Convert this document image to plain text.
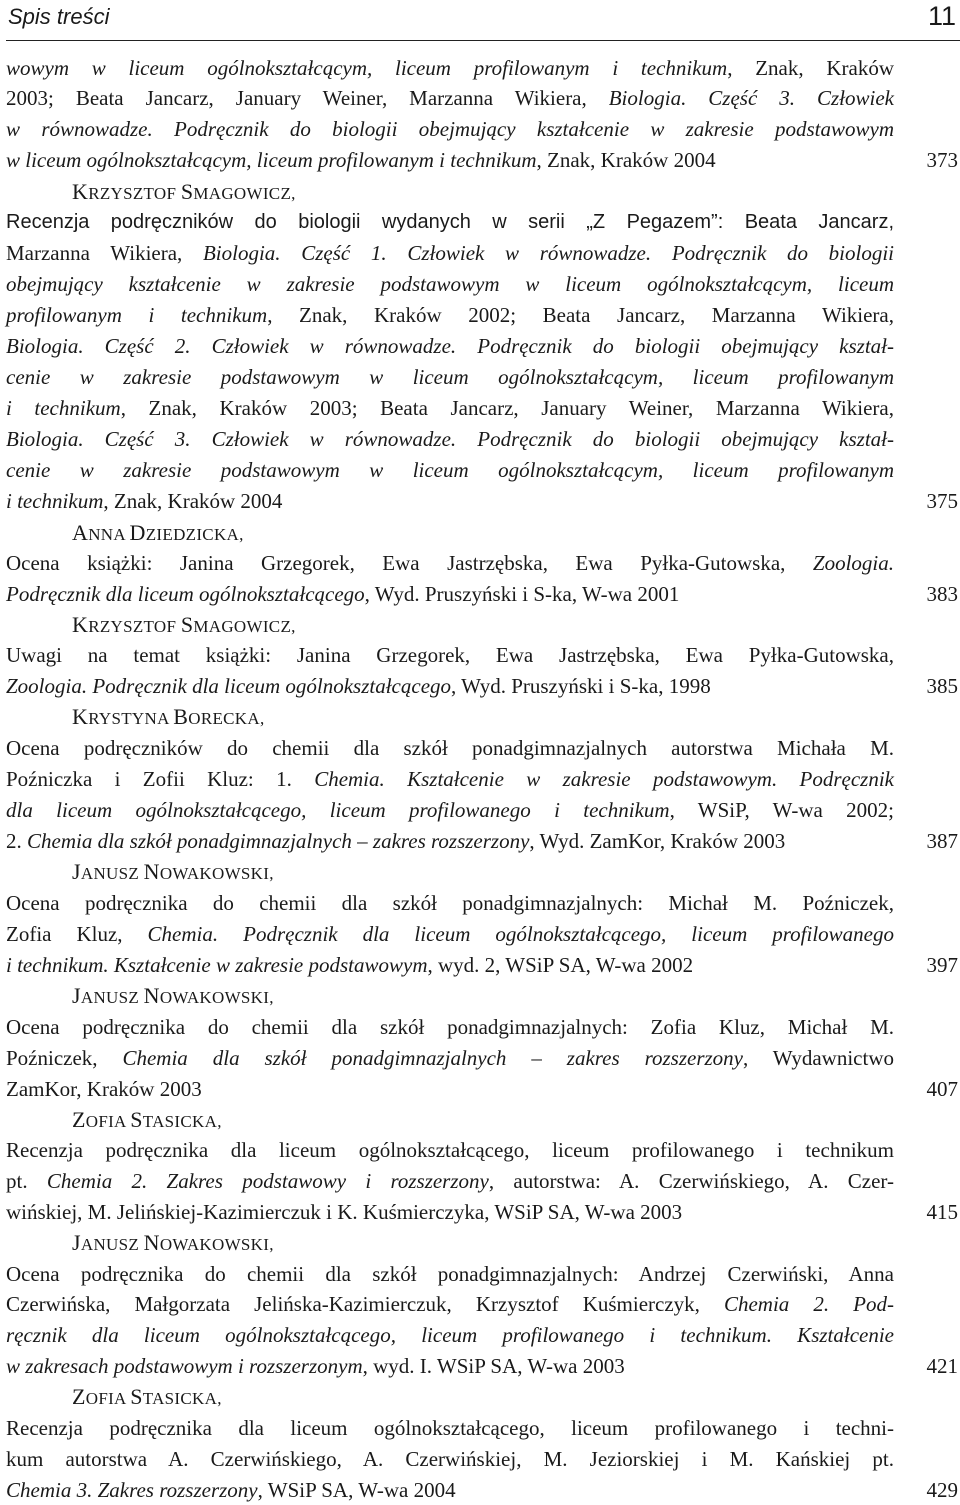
Spis treści	11
wowym w liceum ogólnokształcącym, liceum profilowanym i technikum, Znak, Kraków
2003; Beata Jancarz, January Weiner, Marzanna Wikiera, Biologia. Część 3. Człowiek
w równowadze. Podręcznik do biologii obejmujący kształcenie w zakresie podstawowym
w liceum ogólnokształcącym, liceum profilowanym i technikum, Znak, Kraków 2004	373
KRZYSZTOF SMAGOWICZ,
Recenzja podręczników do biologii wydanych w serii „Z Pegazem”: Beata Jancarz,
Marzanna Wikiera, Biologia. Część 1. Człowiek w równowadze. Podręcznik do biologii
obejmujący kształcenie w zakresie podstawowym w liceum ogólnokształcącym, liceum
profilowanym i technikum, Znak, Kraków 2002; Beata Jancarz, Marzanna Wikiera,
Biologia. Część 2. Człowiek w równowadze. Podręcznik do biologii obejmujący kształ-
cenie w zakresie podstawowym w liceum ogólnokształcącym, liceum profilowanym
i technikum, Znak, Kraków 2003; Beata Jancarz, January Weiner, Marzanna Wikiera,
Biologia. Część 3. Człowiek w równowadze. Podręcznik do biologii obejmujący kształ-
cenie w zakresie podstawowym w liceum ogólnokształcącym, liceum profilowanym
i technikum, Znak, Kraków 2004	375
ANNA DZIEDZICKA,
Ocena książki: Janina Grzegorek, Ewa Jastrzębska, Ewa Pyłka-Gutowska, Zoologia.
Podręcznik dla liceum ogólnokształcącego, Wyd. Pruszyński i S-ka, W-wa 2001	383
KRZYSZTOF SMAGOWICZ,
Uwagi na temat książki: Janina Grzegorek, Ewa Jastrzębska, Ewa Pyłka-Gutowska,
Zoologia. Podręcznik dla liceum ogólnokształcącego, Wyd. Pruszyński i S-ka, 1998	385
KRYSTYNA BORECKA,
Ocena podręczników do chemii dla szkół ponadgimnazjalnych autorstwa Michała M.
Poźniczka i Zofii Kluz: 1. Chemia. Kształcenie w zakresie podstawowym. Podręcznik
dla liceum ogólnokształcącego, liceum profilowanego i technikum, WSiP, W-wa 2002;
2. Chemia dla szkół ponadgimnazjalnych – zakres rozszerzony, Wyd. ZamKor, Kraków 2003	387
JANUSZ NOWAKOWSKI,
Ocena podręcznika do chemii dla szkół ponadgimnazjalnych: Michał M. Poźniczek,
Zofia Kluz, Chemia. Podręcznik dla liceum ogólnokształcącego, liceum profilowanego
i technikum. Kształcenie w zakresie podstawowym, wyd. 2, WSiP SA, W-wa 2002	397
JANUSZ NOWAKOWSKI,
Ocena podręcznika do chemii dla szkół ponadgimnazjalnych: Zofia Kluz, Michał M.
Poźniczek, Chemia dla szkół ponadgimnazjalnych – zakres rozszerzony, Wydawnictwo
ZamKor, Kraków 2003	407
ZOFIA STASICKA,
Recenzja podręcznika dla liceum ogólnokształcącego, liceum profilowanego i technikum
pt. Chemia 2. Zakres podstawowy i rozszerzony, autorstwa: A. Czerwińskiego, A. Czer-
wińskiej, M. Jelińskiej-Kazimierczuk i K. Kuśmierczyka, WSiP SA, W-wa 2003	415
JANUSZ NOWAKOWSKI,
Ocena podręcznika do chemii dla szkół ponadgimnazjalnych: Andrzej Czerwiński, Anna
Czerwińska, Małgorzata Jelińska-Kazimierczuk, Krzysztof Kuśmierczyk, Chemia 2. Pod-
ręcznik dla liceum ogólnokształcącego, liceum profilowanego i technikum. Kształcenie
w zakresach podstawowym i rozszerzonym, wyd. I. WSiP SA, W-wa 2003	421
ZOFIA STASICKA,
Recenzja podręcznika dla liceum ogólnokształcącego, liceum profilowanego i techni-
kum autorstwa A. Czerwińskiego, A. Czerwińskiej, M. Jeziorskiej i M. Kańskiej pt.
Chemia 3. Zakres rozszerzony, WSiP SA, W-wa 2004	429
